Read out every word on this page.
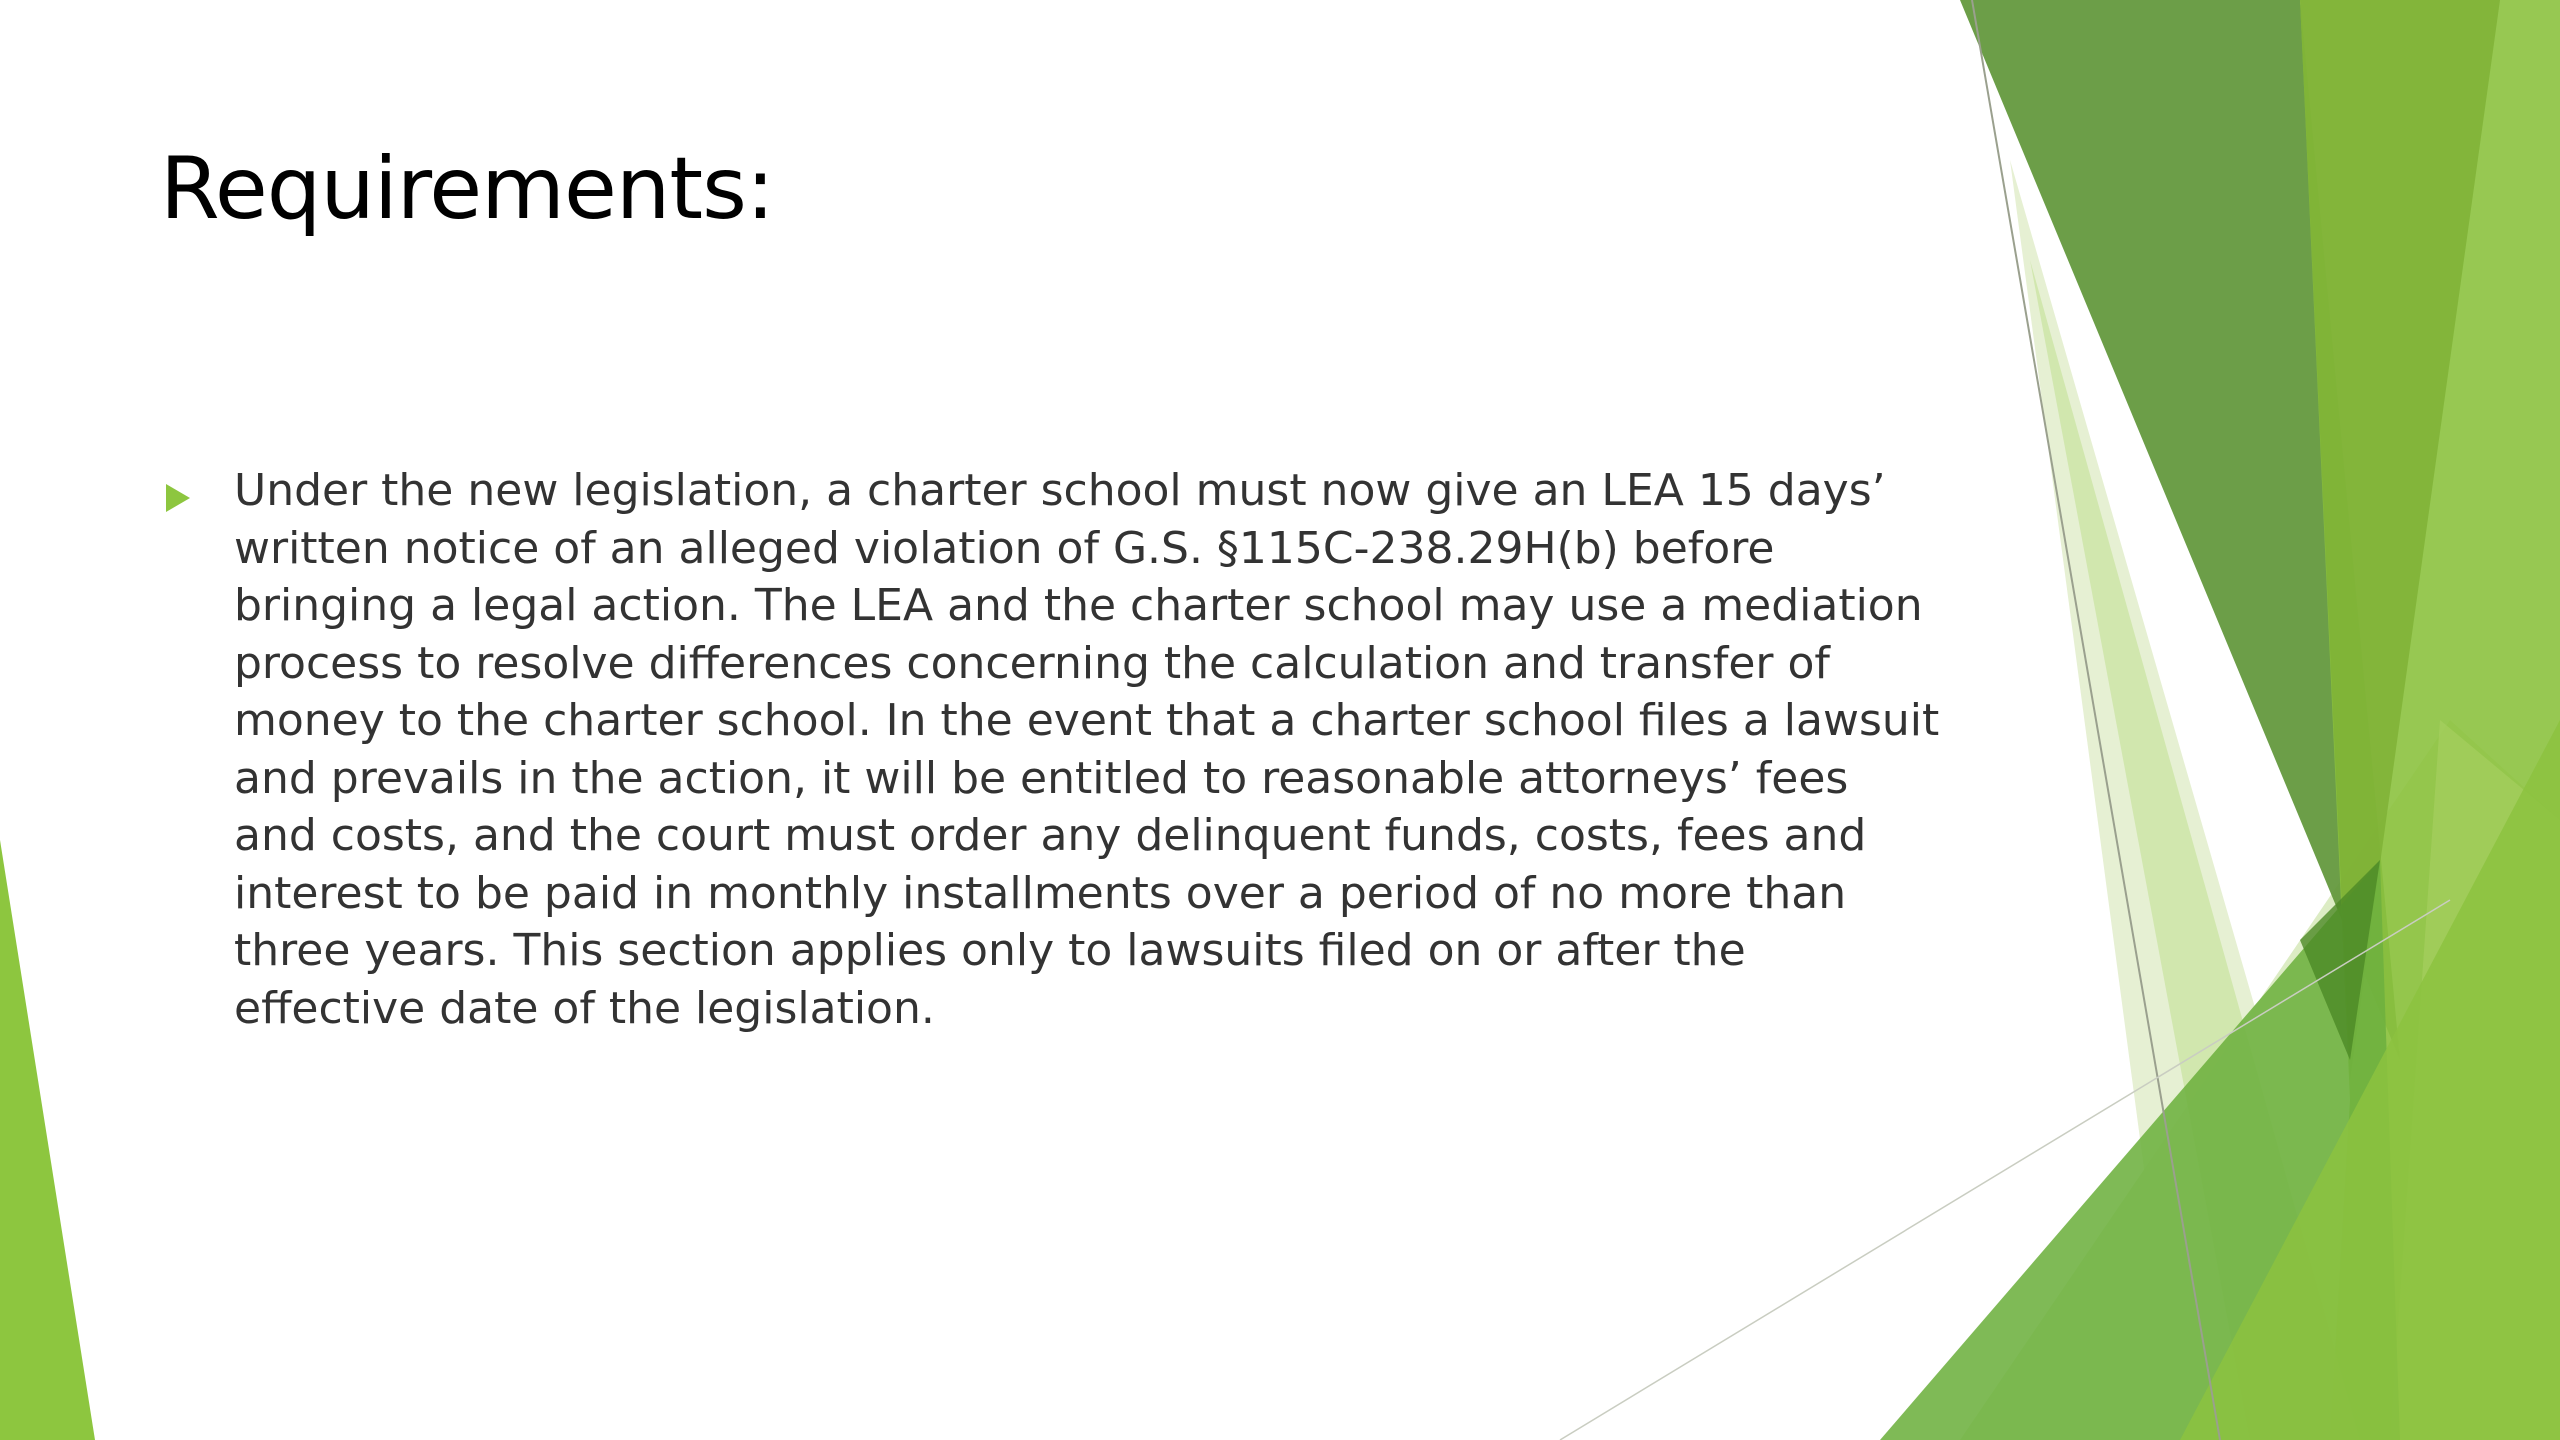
Requirements:

Under the new legislation, a charter school must now give an LEA 15 days’
written notice of an alleged violation of G.S. §115C-238.29H(b) before
bringing a legal action. The LEA and the charter school may use a mediation
process to resolve differences concerning the calculation and transfer of
money to the charter school. In the event that a charter school files a lawsuit
and prevails in the action, it will be entitled to reasonable attorneys’ fees
and costs, and the court must order any delinquent funds, costs, fees and
interest to be paid in monthly installments over a period of no more than
three years. This section applies only to lawsuits filed on or after the
effective date of the legislation.
